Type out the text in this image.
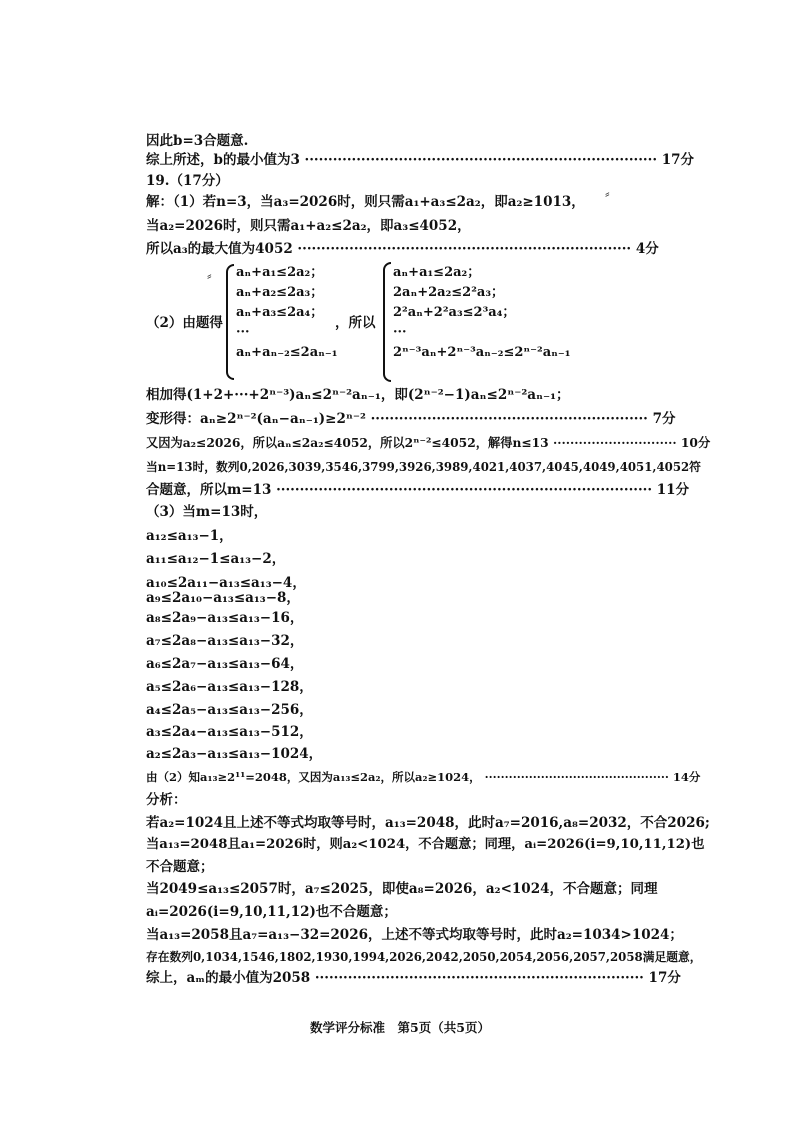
因此b=3合题意.
综上所述，b的最小值为3 ··········································································· 17分
19.（17分）
解：（1）若n=3，当a₃=2026时，则只需a₁+a₃≤2a₂，即a₂≥1013，
当a₂=2026时，则只需a₁+a₂≤2a₂，即a₃≤4052，
所以a₃的最大值为4052 ······································································· 4分
⸗
⸗
（2）由题得
aₙ+a₁≤2a₂；
aₙ+a₂≤2a₃；
aₙ+a₃≤2a₄；
···
aₙ+aₙ₋₂≤2aₙ₋₁
，所以
aₙ+a₁≤2a₂；
2aₙ+2a₂≤2²a₃；
2²aₙ+2²a₃≤2³a₄；
···
2ⁿ⁻³aₙ+2ⁿ⁻³aₙ₋₂≤2ⁿ⁻²aₙ₋₁
相加得(1+2+···+2ⁿ⁻³)aₙ≤2ⁿ⁻²aₙ₋₁，即(2ⁿ⁻²−1)aₙ≤2ⁿ⁻²aₙ₋₁；
变形得：aₙ≥2ⁿ⁻²(aₙ−aₙ₋₁)≥2ⁿ⁻² ··························································· 7分
又因为a₂≤2026，所以aₙ≤2a₂≤4052，所以2ⁿ⁻²≤4052，解得n≤13 ····························· 10分
当n=13时，数列0,2026,3039,3546,3799,3926,3989,4021,4037,4045,4049,4051,4052符
合题意，所以m=13 ················································································ 11分
（3）当m=13时，
a₁₂≤a₁₃−1，
a₁₁≤a₁₂−1≤a₁₃−2，
a₁₀≤2a₁₁−a₁₃≤a₁₃−4，
a₉≤2a₁₀−a₁₃≤a₁₃−8，
a₈≤2a₉−a₁₃≤a₁₃−16，
a₇≤2a₈−a₁₃≤a₁₃−32，
a₆≤2a₇−a₁₃≤a₁₃−64，
a₅≤2a₆−a₁₃≤a₁₃−128，
a₄≤2a₅−a₁₃≤a₁₃−256，
a₃≤2a₄−a₁₃≤a₁₃−512，
a₂≤2a₃−a₁₃≤a₁₃−1024，
由（2）知a₁₃≥2¹¹=2048，又因为a₁₃≤2a₂，所以a₂≥1024， ·············································· 14分
分析：
若a₂=1024且上述不等式均取等号时，a₁₃=2048，此时a₇=2016,a₈=2032，不合2026;
当a₁₃=2048且a₁=2026时，则a₂<1024，不合题意；同理，aᵢ=2026(i=9,10,11,12)也
不合题意；
当2049≤a₁₃≤2057时，a₇≤2025，即使a₈=2026，a₂<1024，不合题意；同理
aᵢ=2026(i=9,10,11,12)也不合题意；
当a₁₃=2058且a₇=a₁₃−32=2026，上述不等式均取等号时，此时a₂=1034>1024；
存在数列0,1034,1546,1802,1930,1994,2026,2042,2050,2054,2056,2057,2058满足题意，
综上，aₘ的最小值为2058 ······································································ 17分
数学评分标准　第5页（共5页）
